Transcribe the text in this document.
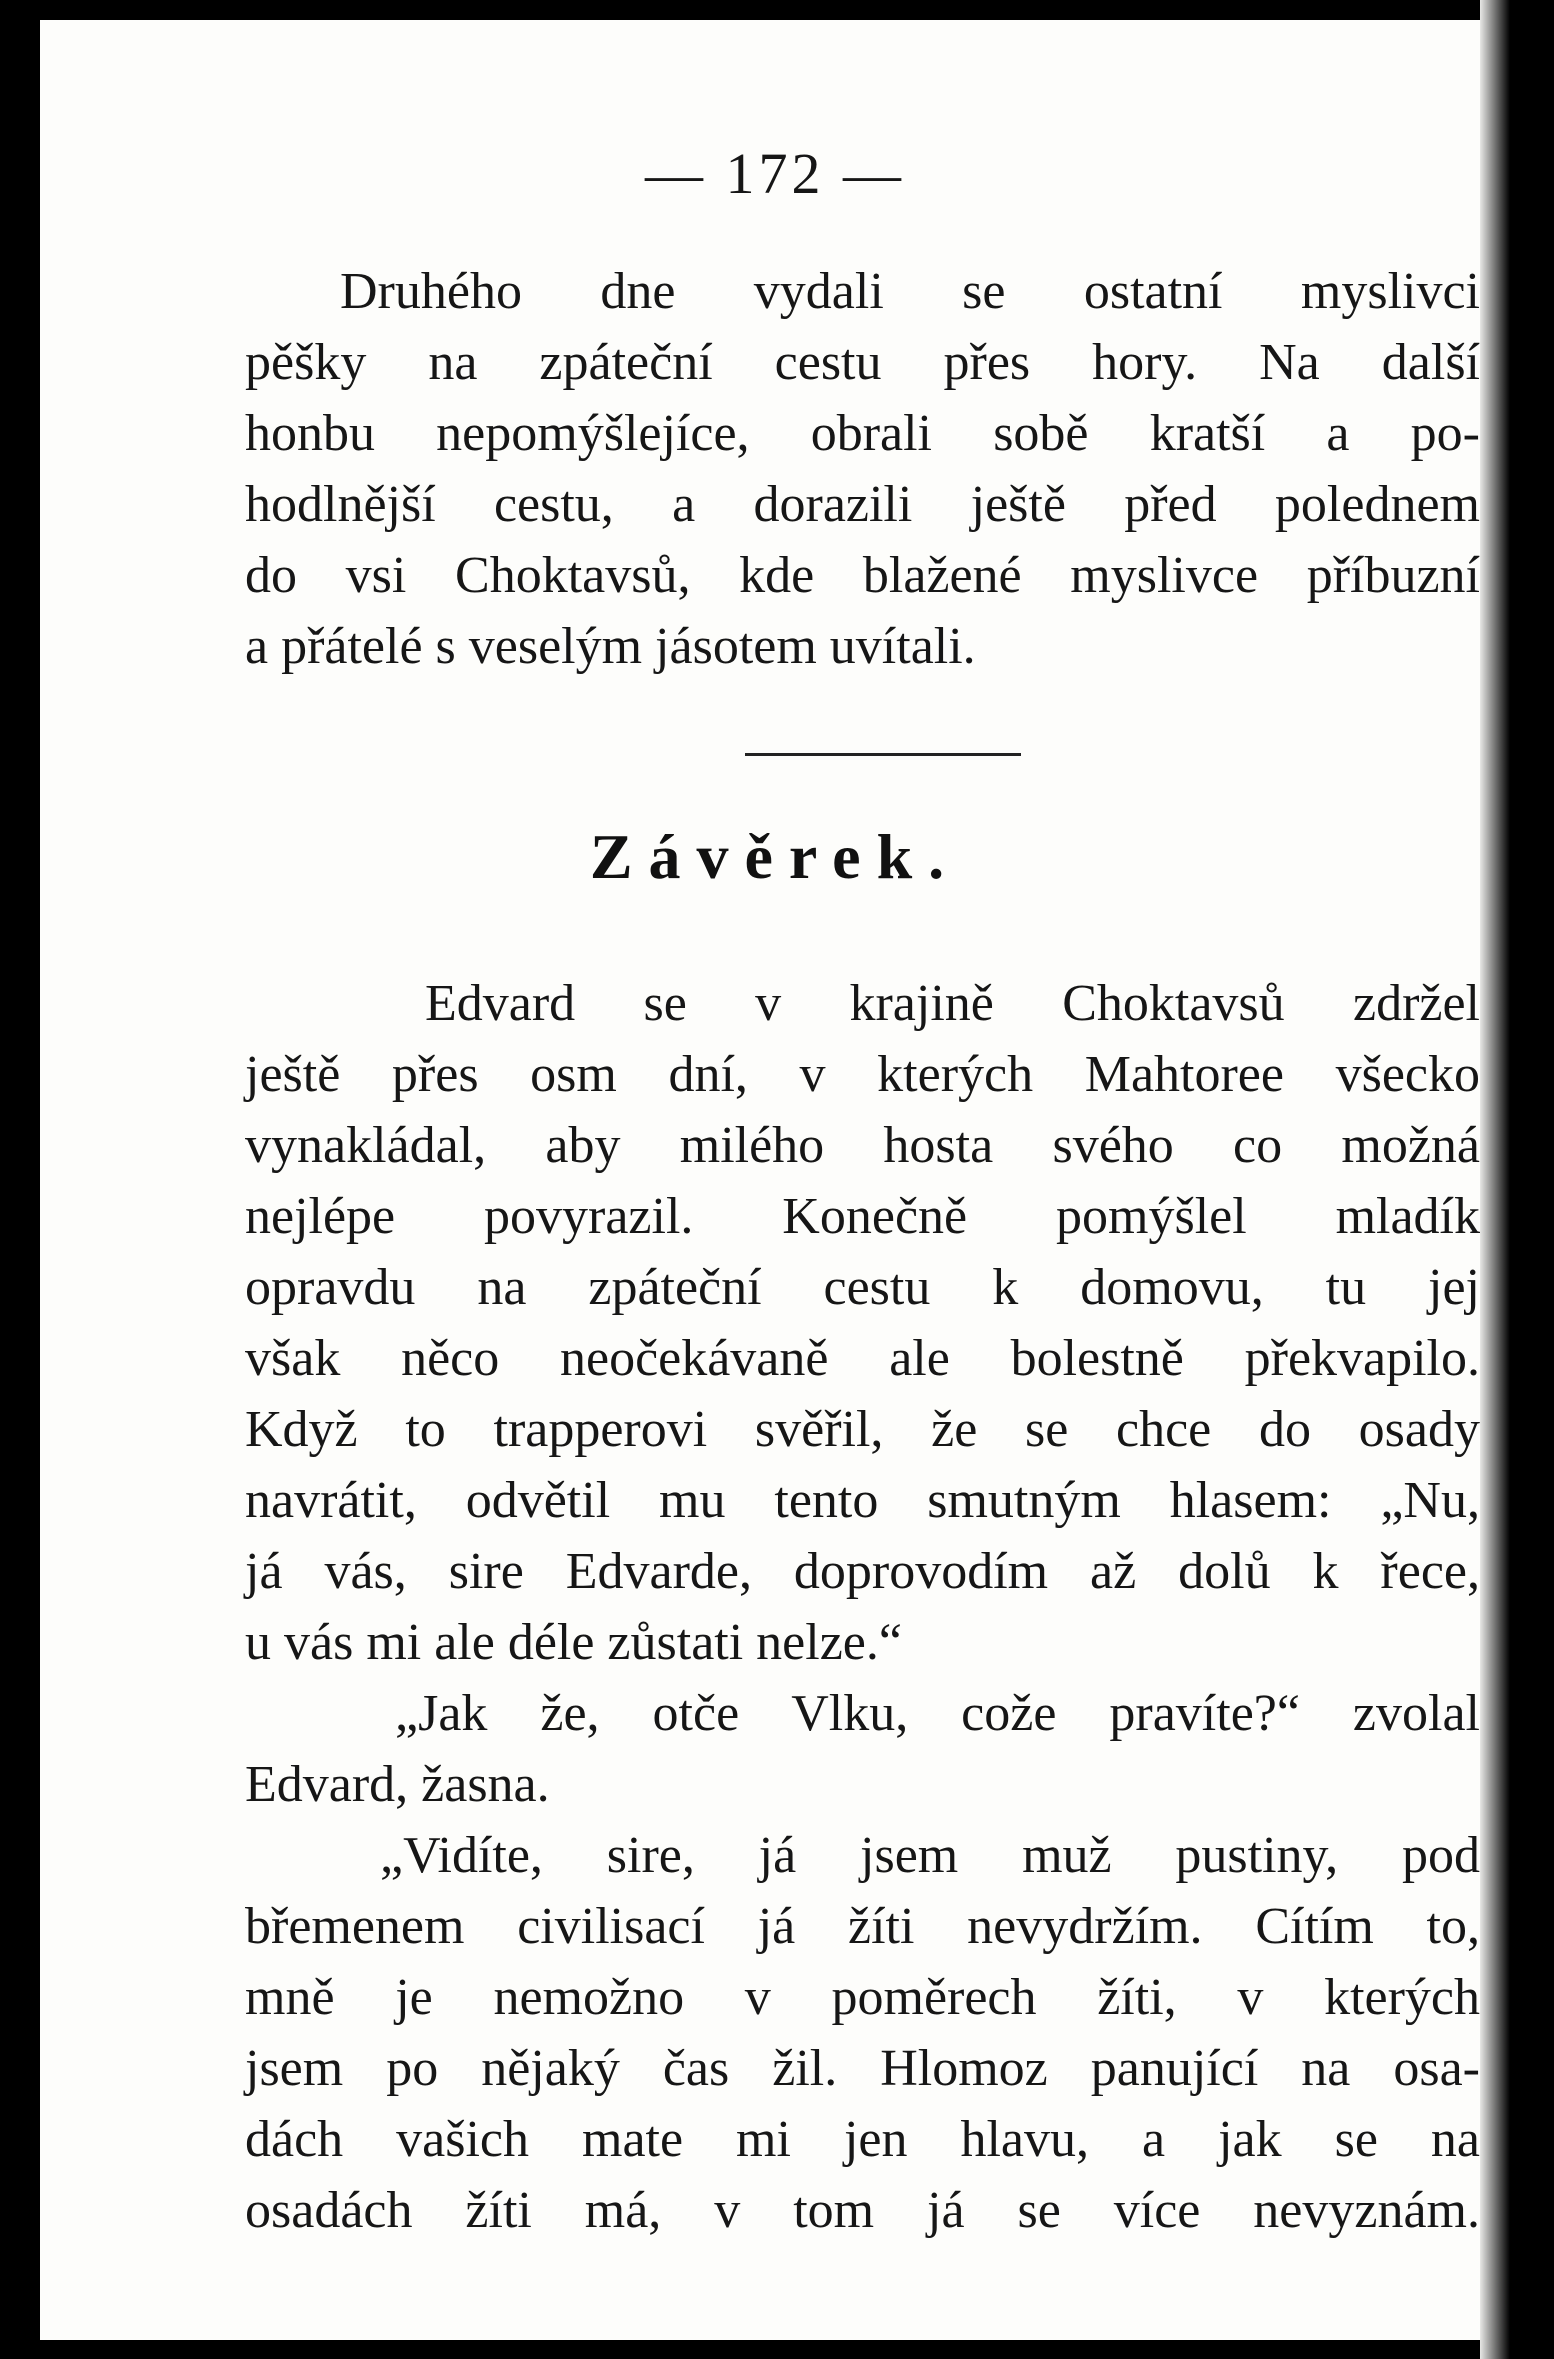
— 172 —

Druhého dne vydali se ostatní myslivci
pěšky na zpáteční cestu přes hory. Na další
honbu nepomýšlejíce, obrali sobě kratší a po-
hodlnější cestu, a dorazili ještě před polednem
do vsi Choktavsů, kde blažené myslivce příbuzní
a přátelé s veselým jásotem uvítali.

Závěrek.

Edvard se v krajině Choktavsů zdržel
ještě přes osm dní, v kterých Mahtoree všecko
vynakládal, aby milého hosta svého co možná
nejlépe povyrazil. Konečně pomýšlel mladík
opravdu na zpáteční cestu k domovu, tu jej
však něco neočekávaně ale bolestně překvapilo.
Když to trapperovi svěřil, že se chce do osady
navrátit, odvětil mu tento smutným hlasem: „Nu,
já vás, sire Edvarde, doprovodím až dolů k řece,
u vás mi ale déle zůstati nelze.“

„Jak že, otče Vlku, cože pravíte?“ zvolal
Edvard, žasna.

„Vidíte, sire, já jsem muž pustiny, pod
břemenem civilisací já žíti nevydržím. Cítím to,
mně je nemožno v poměrech žíti, v kterých
jsem po nějaký čas žil. Hlomoz panující na osa-
dách vašich mate mi jen hlavu, a jak se na
osadách žíti má, v tom já se více nevyznám.
